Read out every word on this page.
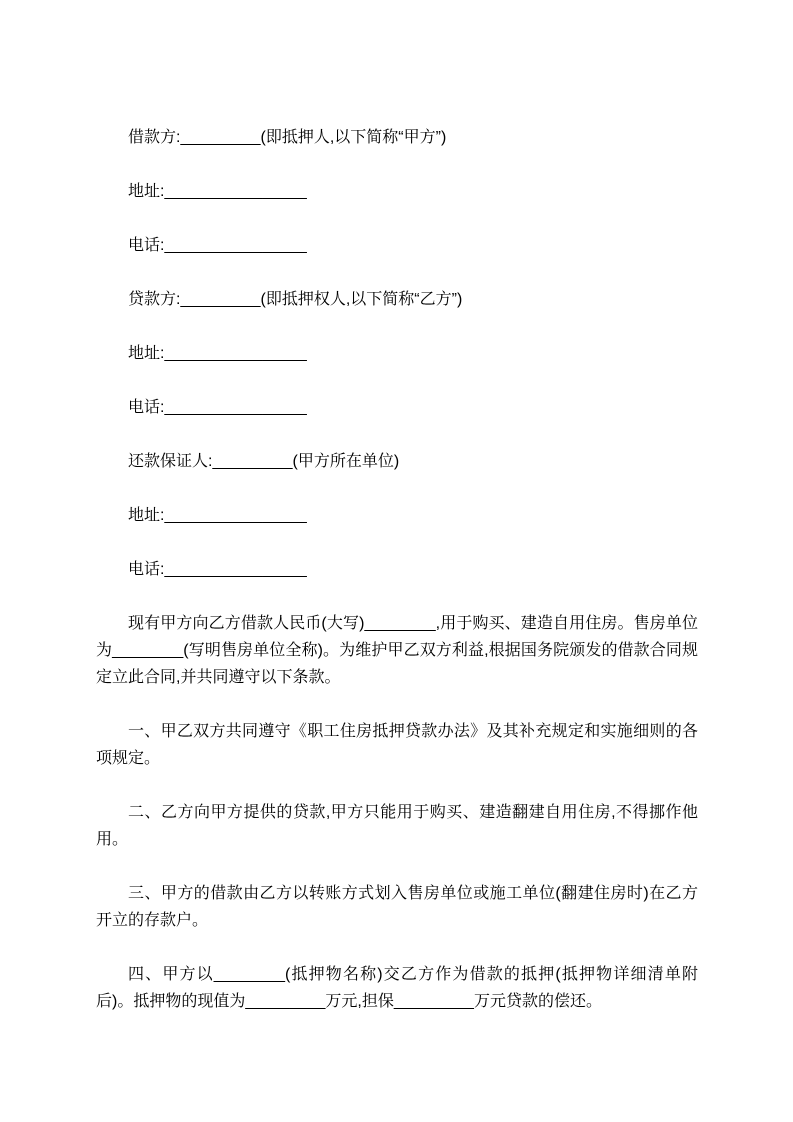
借款方:_________(即抵押人,以下简称“甲方”)

地址:________________

电话:________________

贷款方:_________(即抵押权人,以下简称“乙方”)

地址:________________

电话:________________

还款保证人:_________(甲方所在单位)

地址:________________

电话:________________

现有甲方向乙方借款人民币(大写)________,用于购买、建造自用住房。售房单位为________(写明售房单位全称)。为维护甲乙双方利益,根据国务院颁发的借款合同规定立此合同,并共同遵守以下条款。

一、甲乙双方共同遵守《职工住房抵押贷款办法》及其补充规定和实施细则的各项规定。

二、乙方向甲方提供的贷款,甲方只能用于购买、建造翻建自用住房,不得挪作他用。

三、甲方的借款由乙方以转账方式划入售房单位或施工单位(翻建住房时)在乙方开立的存款户。

四、甲方以________(抵押物名称)交乙方作为借款的抵押(抵押物详细清单附后)。抵押物的现值为_________万元,担保_________万元贷款的偿还。
